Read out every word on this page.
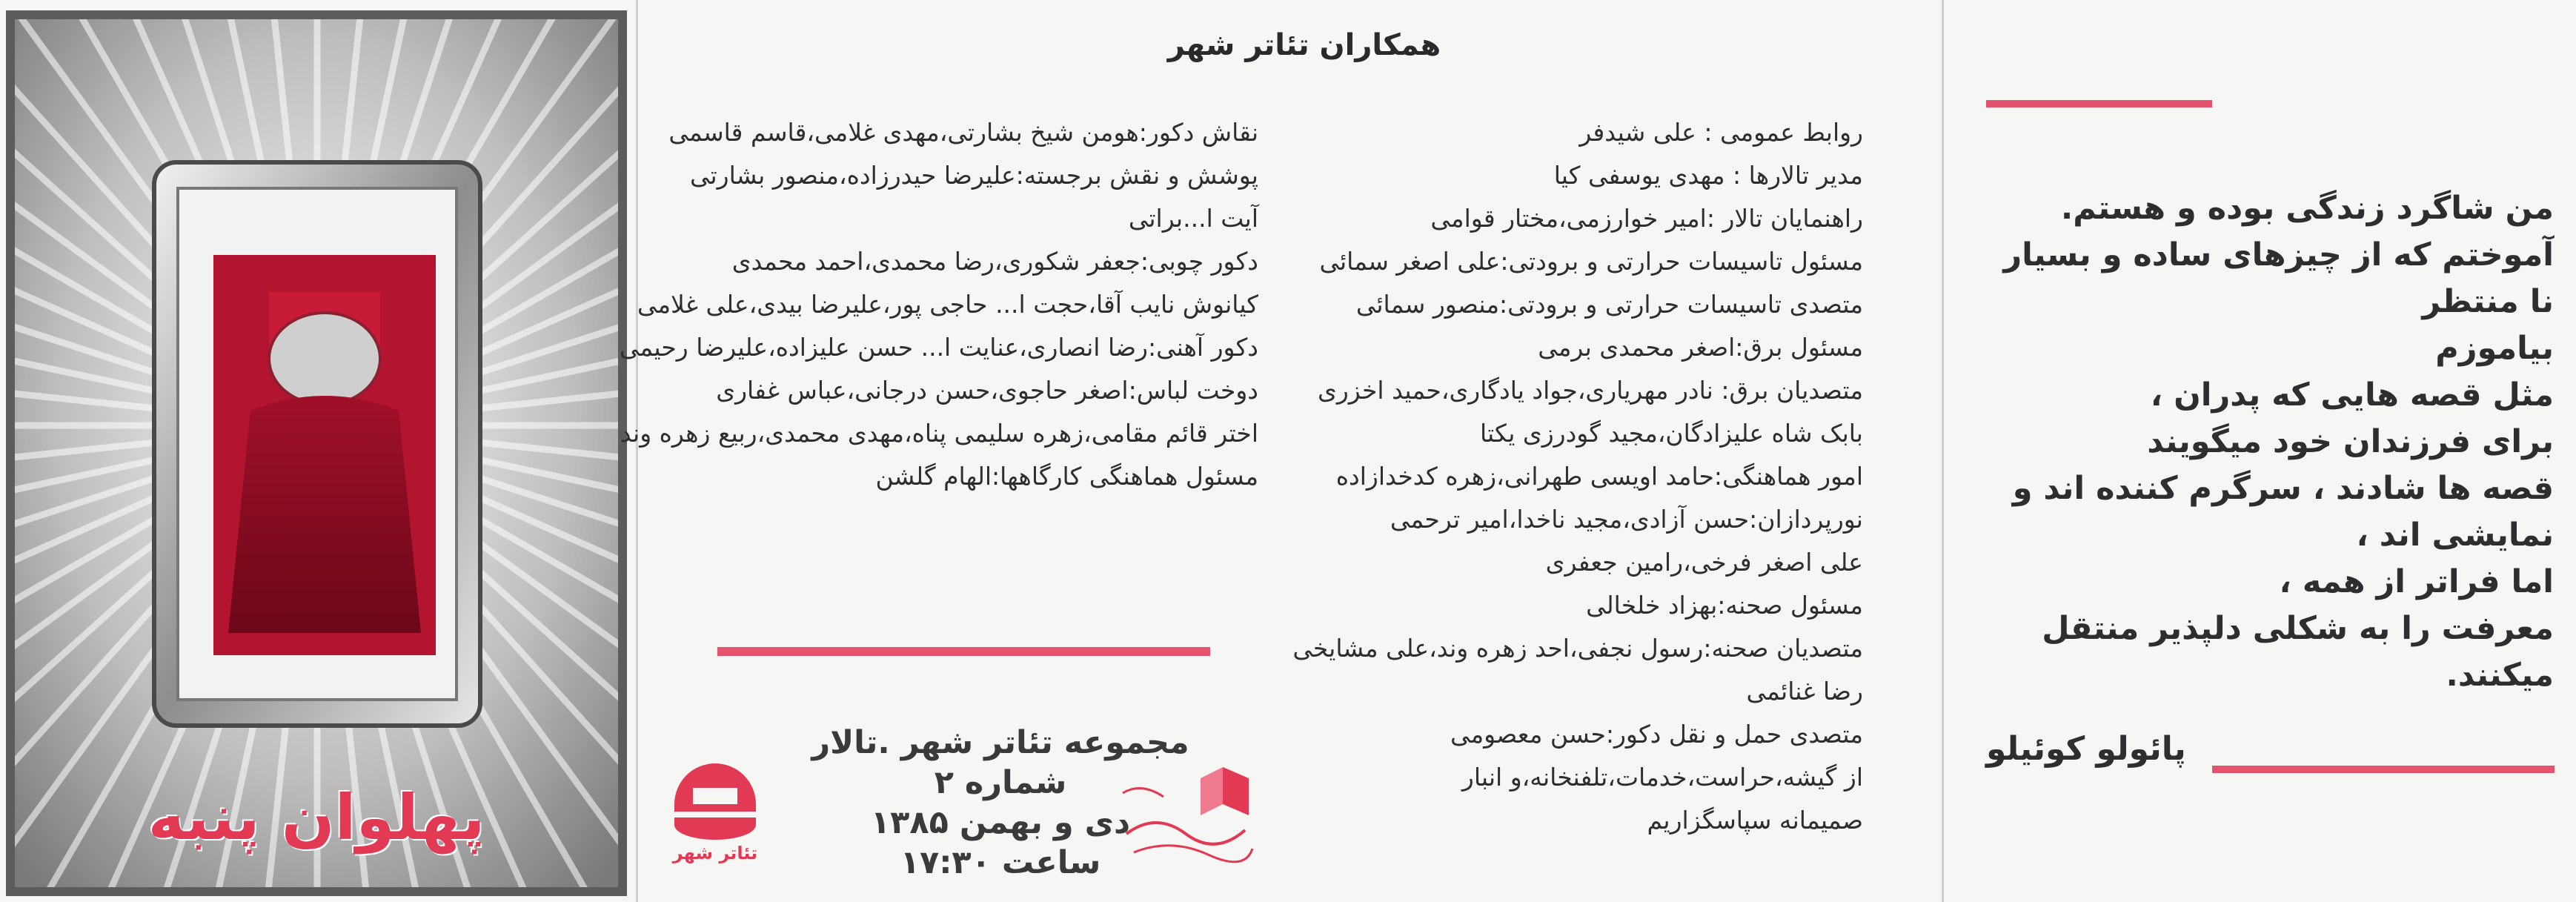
پهلوان پنبه
همکاران تئاتر شهر
روابط عمومی : علی شیدفر
مدیر تالارها : مهدی یوسفی کیا
راهنمایان تالار :امیر خوارزمی،مختار قوامی
مسئول تاسیسات حرارتی و برودتی:علی اصغر سمائی
متصدی تاسیسات حرارتی و برودتی:منصور سمائی
مسئول برق:اصغر محمدی برمی
متصدیان برق: نادر مهریاری،جواد یادگاری،حمید اخزری
بابک شاه علیزادگان،مجید گودرزی یکتا
امور هماهنگی:حامد اویسی طهرانی،زهره کدخدازاده
نورپردازان:حسن آزادی،مجید ناخدا،امیر ترحمی
علی اصغر فرخی،رامین جعفری
مسئول صحنه:بهزاد خلخالی
متصدیان صحنه:رسول نجفی،احد زهره وند،علی مشایخی
رضا غنائمی
متصدی حمل و نقل دکور:حسن معصومی
از گیشه،حراست،خدمات،تلفنخانه،و انبار
صمیمانه سپاسگزاریم
نقاش دکور:هومن شیخ بشارتی،مهدی غلامی،قاسم قاسمی
پوشش و نقش برجسته:علیرضا حیدرزاده،منصور بشارتی
آیت ا...براتی
دکور چوبی:جعفر شکوری،رضا محمدی،احمد محمدی
کیانوش نایب آقا،حجت ا... حاجی پور،علیرضا بیدی،علی غلامی
دکور آهنی:رضا انصاری،عنایت ا... حسن علیزاده،علیرضا رحیمی
دوخت لباس:اصغر حاجوی،حسن درجانی،عباس غفاری
اختر قائم مقامی،زهره سلیمی پناه،مهدی محمدی،ربیع زهره وند
مسئول هماهنگی کارگاهها:الهام گلشن
مجموعه تئاتر شهر .تالار شماره ۲
دی و بهمن ۱۳۸۵
ساعت ۱۷:۳۰
تئاتر شهر
من شاگرد زندگی بوده و هستم.
آموختم که از چیزهای ساده و بسیار نا منتظر
بیاموزم
مثل قصه هایی که پدران ،
برای فرزندان خود میگویند
قصه ها شادند ، سرگرم کننده اند و نمایشی اند ،
اما فراتر از همه ،
معرفت را به شکلی دلپذیر منتقل میکنند.
پائولو کوئیلو
